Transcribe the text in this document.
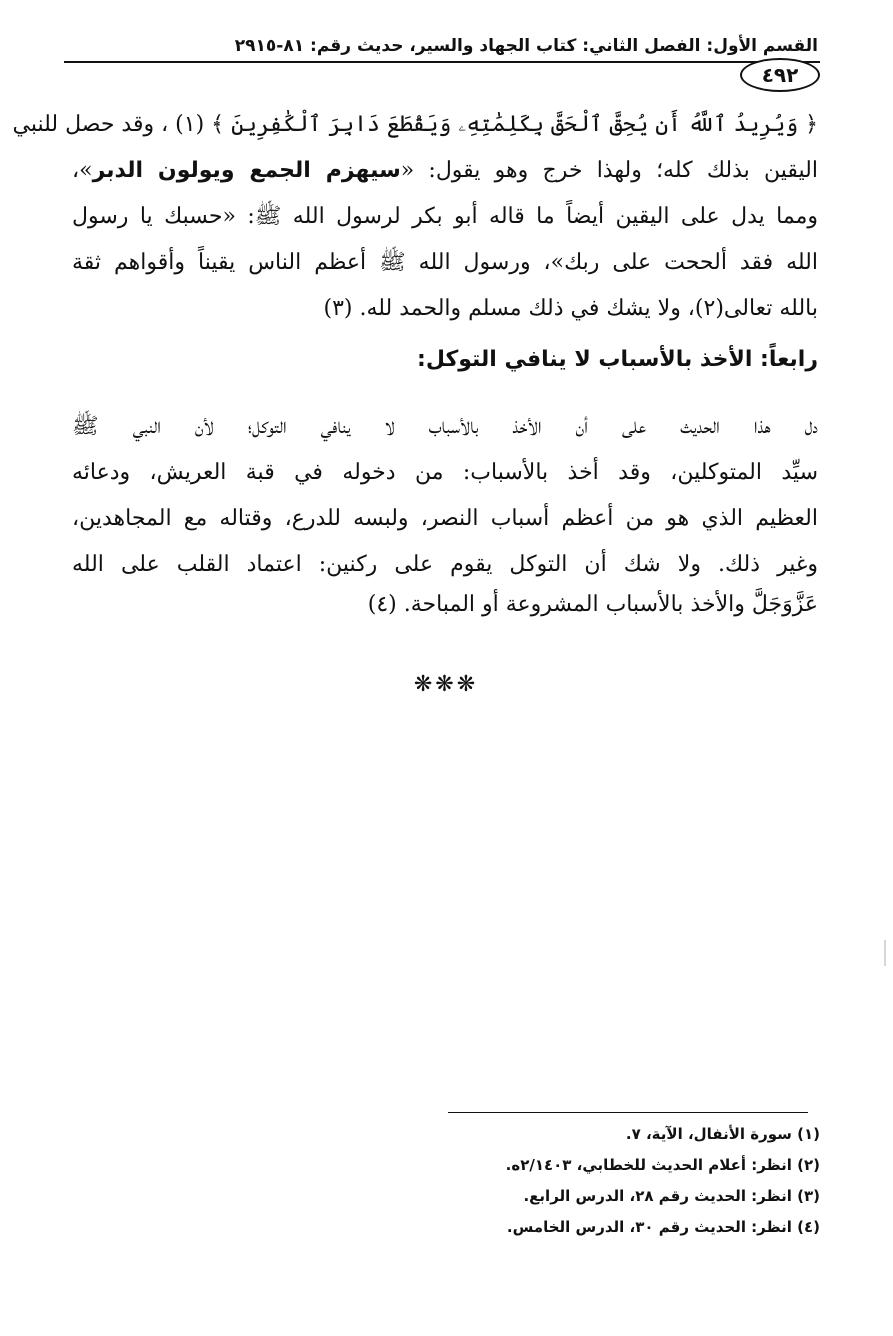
القسم الأول: الفصل الثاني: كتاب الجهاد والسير، حديث رقم: ٨١-٢٩١٥
٤٩٢
﴿ وَيُرِيدُ ٱللَّهُ أَن يُحِقَّ ٱلْحَقَّ بِكَلِمَٰتِهِۦ وَيَقْطَعَ دَابِرَ ٱلْكَٰفِرِينَ ﴾ (١) ، وقد حصل للنبي
اليقين بذلك كله؛ ولهذا خرج وهو يقول: «سيهزم الجمع ويولون الدبر»،
ومما يدل على اليقين أيضاً ما قاله أبو بكر لرسول الله ﷺ: «حسبك يا رسول
الله فقد ألححت على ربك»، ورسول الله ﷺ أعظم الناس يقيناً وأقواهم ثقة
بالله تعالى(٢)، ولا يشك في ذلك مسلم والحمد لله. (٣)
رابعاً: الأخذ بالأسباب لا ينافي التوكل:
دل هذا الحديث على أن الأخذ بالأسباب لا ينافي التوكل؛ لأن النبي ﷺ
سيِّد المتوكلين، وقد أخذ بالأسباب: من دخوله في قبة العريش، ودعائه
العظيم الذي هو من أعظم أسباب النصر، ولبسه للدرع، وقتاله مع المجاهدين،
وغير ذلك. ولا شك أن التوكل يقوم على ركنين: اعتماد القلب على الله
عَزَّوَجَلَّ والأخذ بالأسباب المشروعة أو المباحة. (٤)
❋❋❋
(١) سورة الأنفال، الآية، ٧.
(٢) انظر: أعلام الحديث للخطابي، ٢/١٤٠٣ه.
(٣) انظر: الحديث رقم ٢٨، الدرس الرابع.
(٤) انظر: الحديث رقم ٣٠، الدرس الخامس.
